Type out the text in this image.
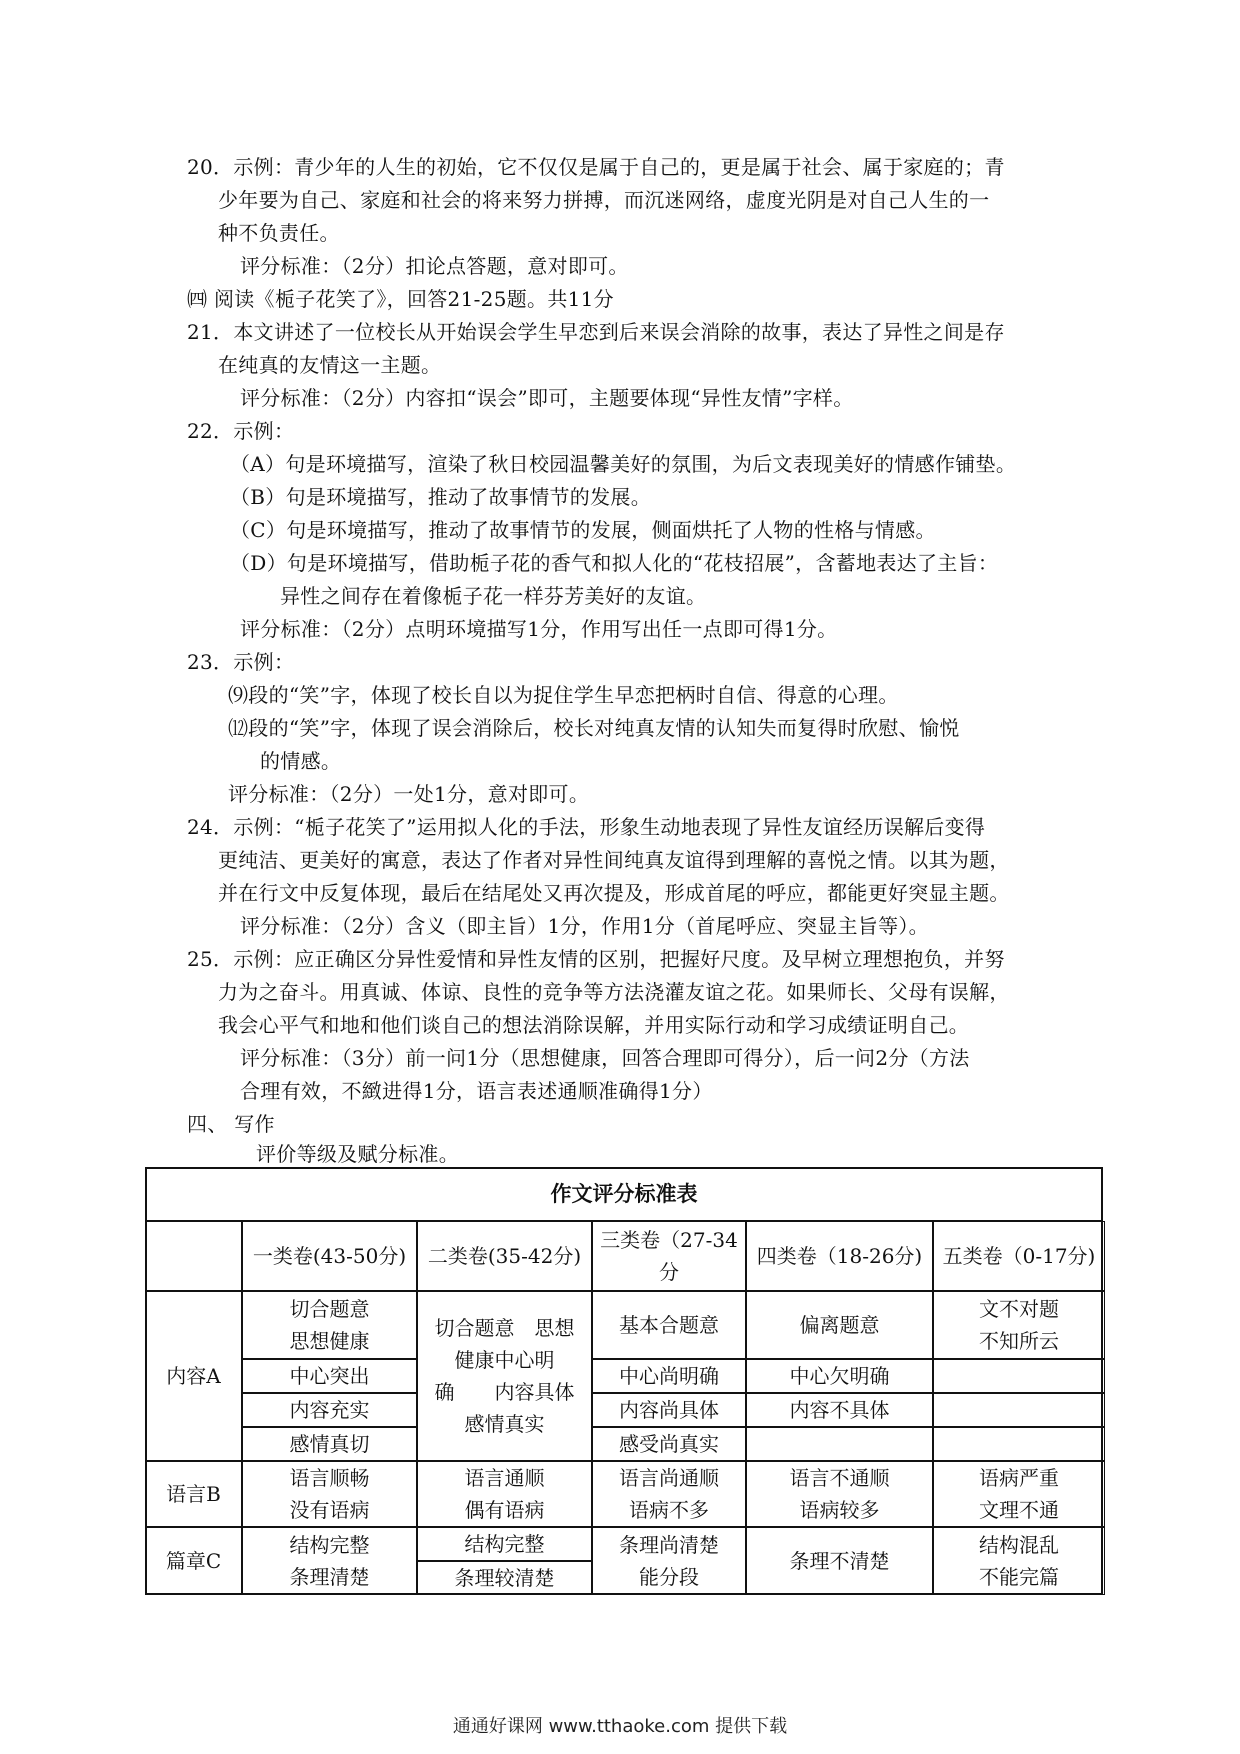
20．示例：青少年的人生的初始，它不仅仅是属于自己的，更是属于社会、属于家庭的；青
少年要为自己、家庭和社会的将来努力拼搏，而沉迷网络，虚度光阴是对自己人生的一
种不负责任。
评分标准：（2分）扣论点答题，意对即可。
㈣ 阅读《栀子花笑了》，回答21-25题。共11分
21．本文讲述了一位校长从开始误会学生早恋到后来误会消除的故事，表达了异性之间是存
在纯真的友情这一主题。
评分标准：（2分）内容扣“误会”即可，主题要体现“异性友情”字样。
22．示例：
（A）句是环境描写，渲染了秋日校园温馨美好的氛围，为后文表现美好的情感作铺垫。
（B）句是环境描写，推动了故事情节的发展。
（C）句是环境描写，推动了故事情节的发展，侧面烘托了人物的性格与情感。
（D）句是环境描写，借助栀子花的香气和拟人化的“花枝招展”，含蓄地表达了主旨：
异性之间存在着像栀子花一样芬芳美好的友谊。
评分标准：（2分）点明环境描写1分，作用写出任一点即可得1分。
23．示例：
⑼段的“笑”字，体现了校长自以为捉住学生早恋把柄时自信、得意的心理。
⑿段的“笑”字，体现了误会消除后，校长对纯真友情的认知失而复得时欣慰、愉悦
的情感。
评分标准：（2分）一处1分，意对即可。
24．示例：“栀子花笑了”运用拟人化的手法，形象生动地表现了异性友谊经历误解后变得
更纯洁、更美好的寓意，表达了作者对异性间纯真友谊得到理解的喜悦之情。以其为题，
并在行文中反复体现，最后在结尾处又再次提及，形成首尾的呼应，都能更好突显主题。
评分标准：（2分）含义（即主旨）1分，作用1分（首尾呼应、突显主旨等）。
25．示例：应正确区分异性爱情和异性友情的区别，把握好尺度。及早树立理想抱负，并努
力为之奋斗。用真诚、体谅、良性的竞争等方法浇灌友谊之花。如果师长、父母有误解，
我会心平气和地和他们谈自己的想法消除误解，并用实际行动和学习成绩证明自己。
评分标准：（3分）前一问1分（思想健康，回答合理即可得分），后一问2分（方法
合理有效，不緻进得1分，语言表述通顺准确得1分）
四、 写作
评价等级及赋分标准。
作文评分标准表
一类卷(43-50分)	二类卷(35-42分)
三类卷（27-34分
四类卷（18-26分)	五类卷（0-17分)
内容A
切合题意
思想健康
中心突出
内容充实
感情真切
切合题意　思想
健康中心明
确　　内容具体
感情真实
基本合题意
中心尚明确
内容尚具体
感受尚真实
偏离题意
中心欠明确
内容不具体
文不对题
不知所云
语言B
语言顺畅
没有语病
语言通顺
偶有语病
语言尚通顺
语病不多
语言不通顺
语病较多
语病严重
文理不通
篇章C
结构完整
条理清楚
结构完整
条理较清楚
条理尚清楚
能分段
条理不清楚
结构混乱
不能完篇
通通好课网 www.tthaoke.com 提供下载
